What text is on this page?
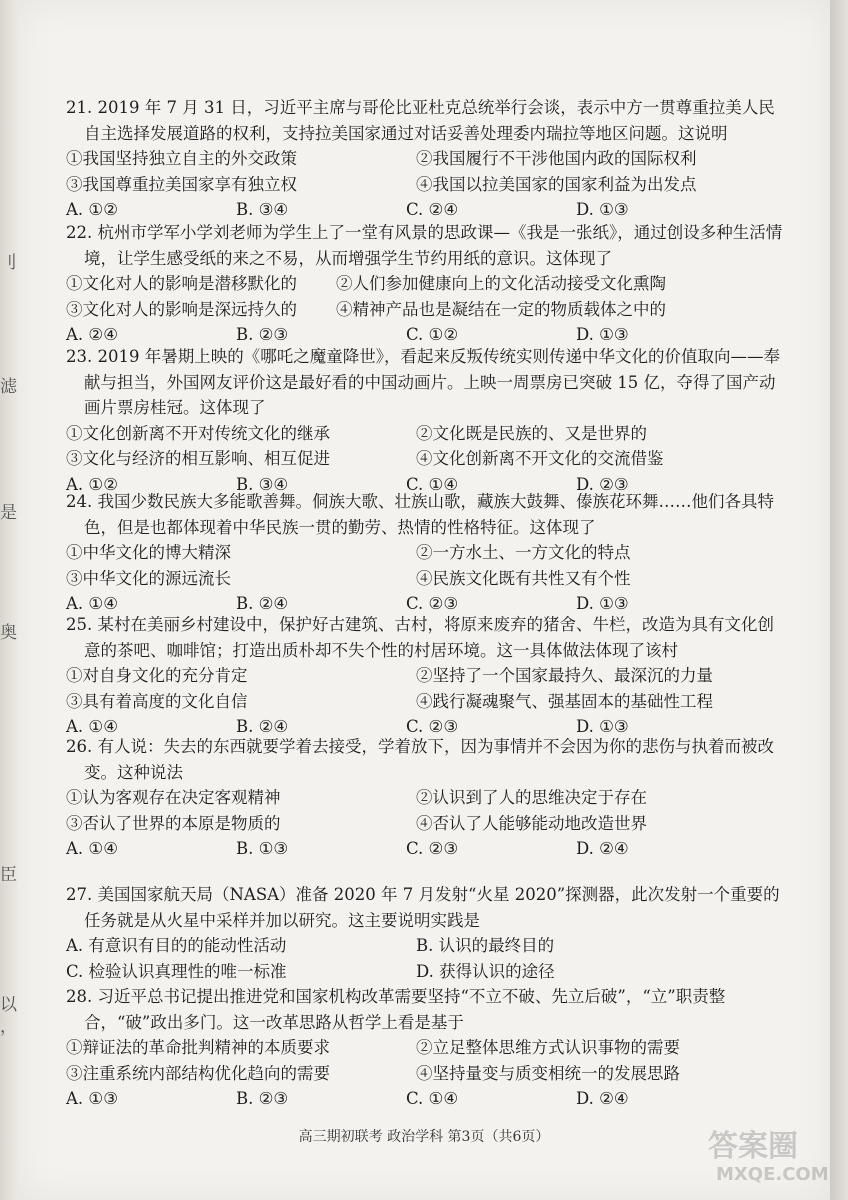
刂
滤
是
奥
臣
以
，

21. 2019 年 7 月 31 日，习近平主席与哥伦比亚杜克总统举行会谈，表示中方一贯尊重拉美人民自主选择发展道路的权利，支持拉美国家通过对话妥善处理委内瑞拉等地区问题。这说明

①我国坚持独立自主的外交政策	②我国履行不干涉他国内政的国际权利
③我国尊重拉美国家享有独立权	④我国以拉美国家的国家利益为出发点
A. ①②	B. ③④	C. ②④	D. ①③

22. 杭州市学军小学刘老师为学生上了一堂有风景的思政课—《我是一张纸》，通过创设多种生活情境，让学生感受纸的来之不易，从而增强学生节约用纸的意识。这体现了

①文化对人的影响是潜移默化的	②人们参加健康向上的文化活动接受文化熏陶
③文化对人的影响是深远持久的	④精神产品也是凝结在一定的物质载体之中的
A. ②④	B. ②③	C. ①②	D. ①③

23. 2019 年暑期上映的《哪吒之魔童降世》，看起来反叛传统实则传递中华文化的价值取向——奉献与担当，外国网友评价这是最好看的中国动画片。上映一周票房已突破 15 亿，夺得了国产动画片票房桂冠。这体现了

①文化创新离不开对传统文化的继承	②文化既是民族的、又是世界的
③文化与经济的相互影响、相互促进	④文化创新离不开文化的交流借鉴
A. ①②	B. ③④	C. ①④	D. ②③

24. 我国少数民族大多能歌善舞。侗族大歌、壮族山歌，藏族大鼓舞、傣族花环舞……他们各具特色，但是也都体现着中华民族一贯的勤劳、热情的性格特征。这体现了

①中华文化的博大精深	②一方水土、一方文化的特点
③中华文化的源远流长	④民族文化既有共性又有个性
A. ①④	B. ②④	C. ②③	D. ①③

25. 某村在美丽乡村建设中，保护好古建筑、古村，将原来废弃的猪舍、牛栏，改造为具有文化创意的茶吧、咖啡馆；打造出质朴却不失个性的村居环境。这一具体做法体现了该村

①对自身文化的充分肯定	②坚持了一个国家最持久、最深沉的力量
③具有着高度的文化自信	④践行凝魂聚气、强基固本的基础性工程
A. ①④	B. ②④	C. ②③	D. ①③

26. 有人说：失去的东西就要学着去接受，学着放下，因为事情并不会因为你的悲伤与执着而被改变。这种说法

①认为客观存在决定客观精神	②认识到了人的思维决定于存在
③否认了世界的本原是物质的	④否认了人能够能动地改造世界
A. ①④	B. ①③	C. ②③	D. ②④

27. 美国国家航天局（NASA）准备 2020 年 7 月发射“火星 2020”探测器，此次发射一个重要的任务就是从火星中采样并加以研究。这主要说明实践是

A. 有意识有目的的能动性活动	B. 认识的最终目的
C. 检验认识真理性的唯一标准	D. 获得认识的途径

28. 习近平总书记提出推进党和国家机构改革需要坚持“不立不破、先立后破”，“立”职责整合，“破”政出多门。这一改革思路从哲学上看是基于

①辩证法的革命批判精神的本质要求	②立足整体思维方式认识事物的需要
③注重系统内部结构优化趋向的需要	④坚持量变与质变相统一的发展思路
A. ①③	B. ②③	C. ①④	D. ②④
高三期初联考 政治学科 第3页（共6页）	答案圈
MXQE.COM
